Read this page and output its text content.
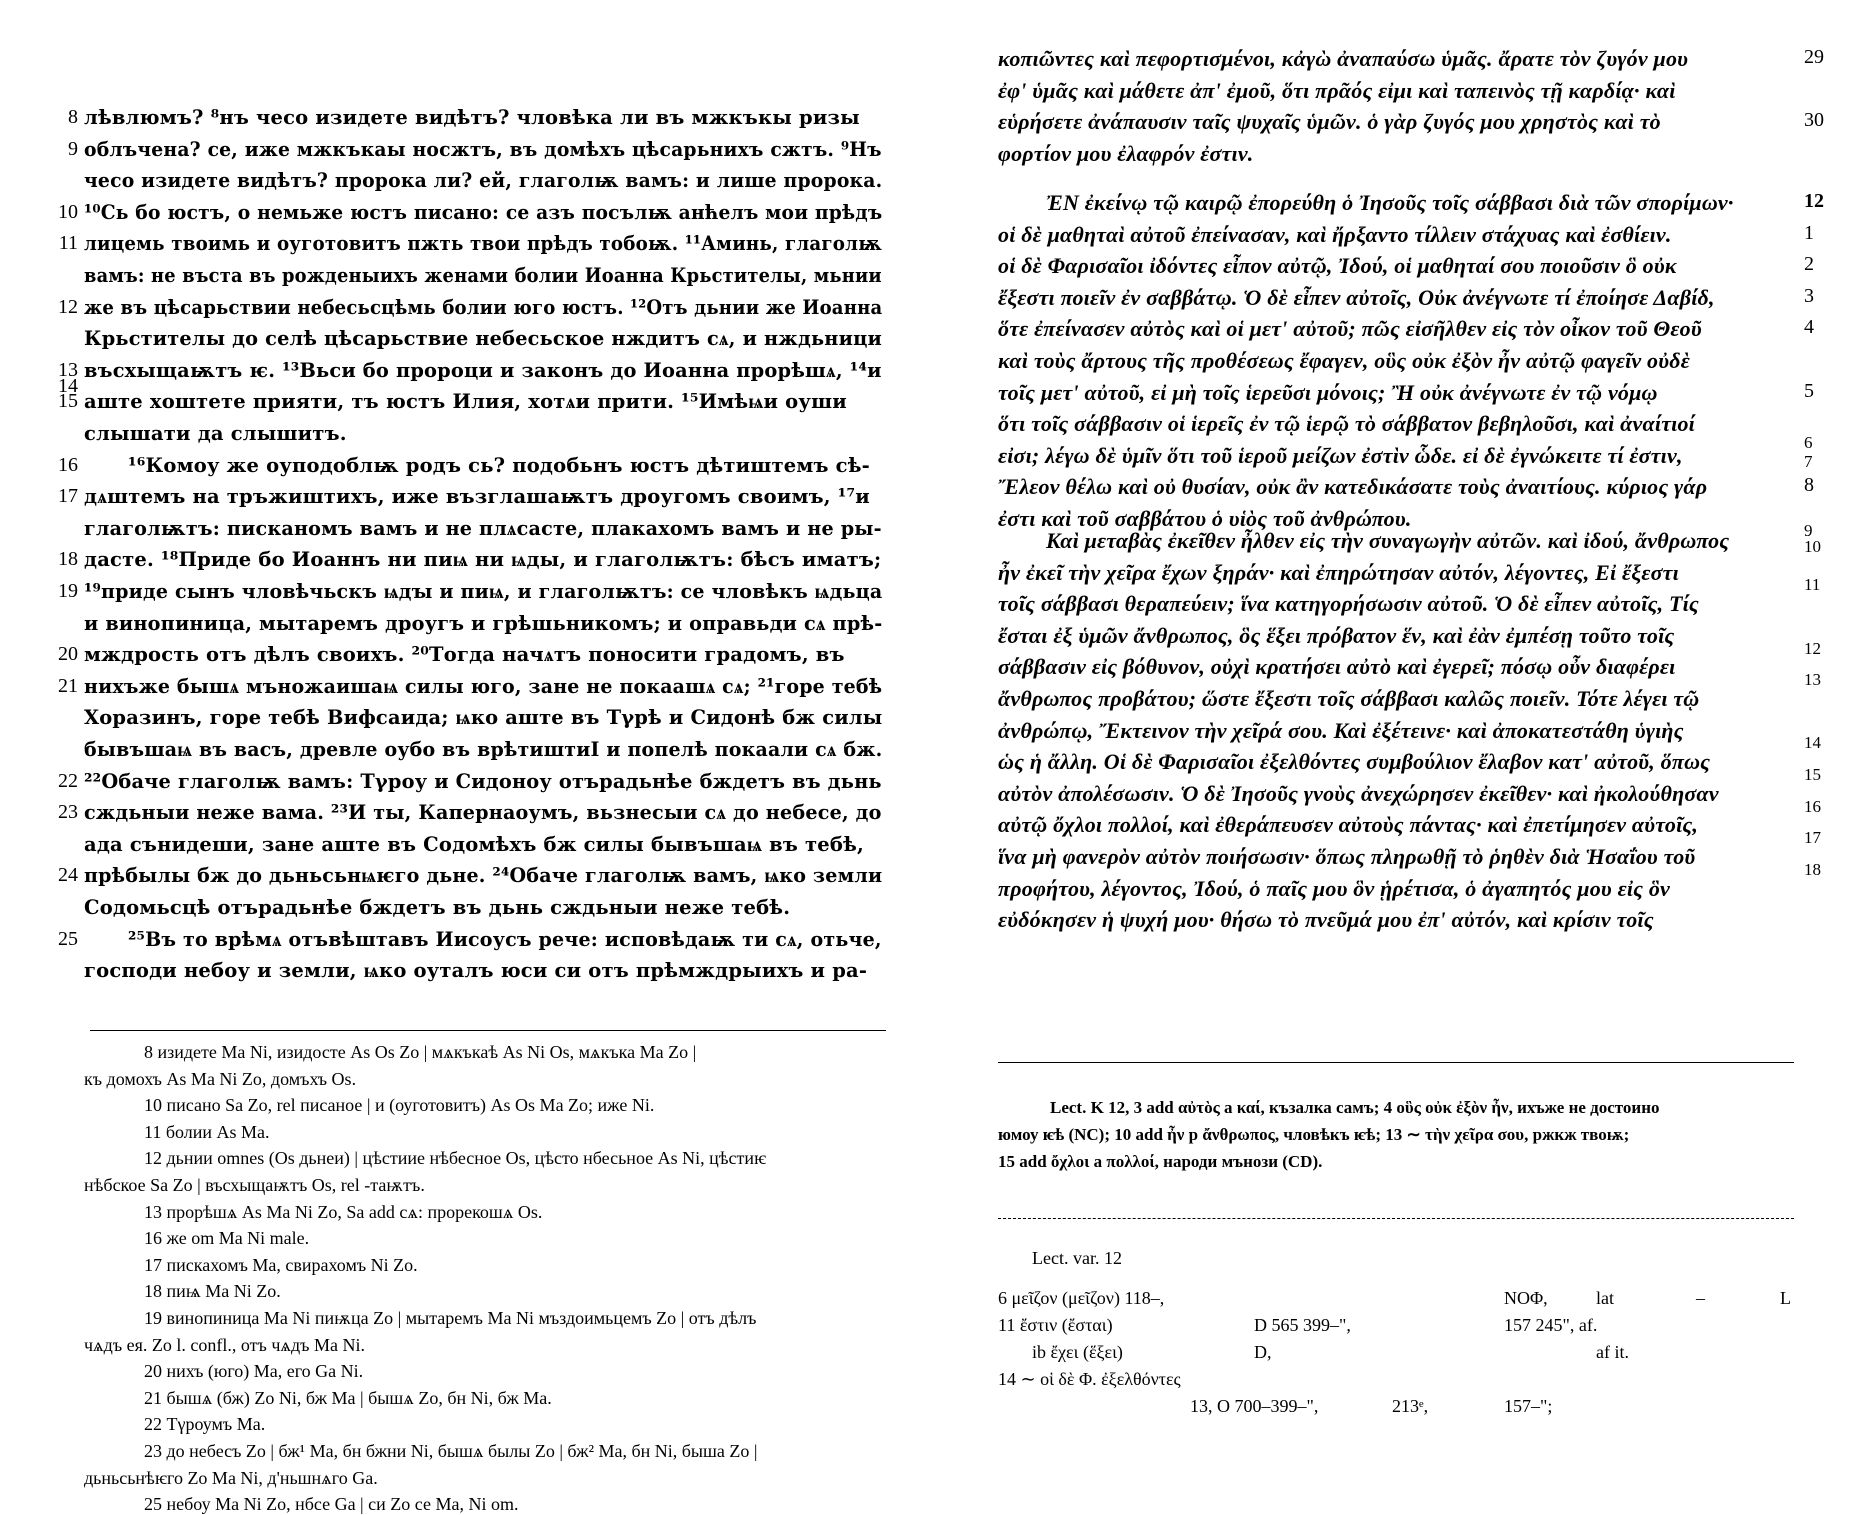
лѣвлюмъ? ⁸нъ чесо изидете видѣтъ? чловѣка ли въ мжкъкы ризы
облъчена? се, иже мжкъкаы носжтъ, въ домѣхъ цѣсарьнихъ сжтъ. ⁹Нъ
чесо изидете видѣтъ? пророка ли? ей, глаголѭ вамъ: и лише пророка.
¹⁰Сь бо юстъ, о немьже юстъ писано: се азъ посълѭ анћелъ мои прѣдъ
лицемь твоимь и оуготовитъ пжть твои прѣдъ тобоѭ. ¹¹Аминь, глаголѭ
вамъ: не въста въ рожденыихъ женами болии Иоанна Крьстителы, мьнии
же въ цѣсарьствии небесьсцѣмь болии юго юстъ. ¹²Отъ дьнии же Иоанна
Крьстителы до селѣ цѣсарьствие небесьское нждитъ сѧ, и нждьници
въсхыщаѭтъ ѥ. ¹³Вьси бо пророци и законъ до Иоанна прорѣшѧ, ¹⁴и
аште хоштете прияти, тъ юстъ Илия, хотѧи прити. ¹⁵Имѣѩи оуши
слышати да слышитъ.
¹⁶Комоу же оуподоблѭ родъ сь? подобьнъ юстъ дѣтиштемъ сѣ-
дѧштемъ на тръжиштихъ, иже възглашаѭтъ дроугомъ своимъ, ¹⁷и
глаголѭтъ: писканомъ вамъ и не плѧсасте, плакахомъ вамъ и не ры-
дасте. ¹⁸Приде бо Иоаннъ ни пиѩ ни ѩды, и глаголѭтъ: бѣсъ иматъ;
¹⁹приде сынъ чловѣчьскъ ѩдꙑ и пиѩ, и глаголѭтъ: се чловѣкъ ѩдьца
и винопиница, мытаремъ дроугъ и грѣшьникомъ; и оправьди сѧ прѣ-
мждрость отъ дѣлъ своихъ. ²⁰Тогда начѧтъ поносити градомъ, въ
нихъже бышѧ мъножаишаѩ силы юго, зане не покаашѧ сѧ; ²¹горе тебѣ
Хоразинъ, горе тебѣ Вифсаида; ѩко аште въ Тγрѣ и Сидонѣ бж силы
бывъшаѩ въ васъ, древле оубо въ врѣтиштиI и попелѣ покаали сѧ бж.
²²Обаче глаголѭ вамъ: Тγроу и Сидоноу отърадьнѣе бждетъ въ дьнь
сждьныи неже вама. ²³И ты, Капернаоумъ, вьзнесыи сѧ до небесе, до
ада сънидеши, зане аште въ Содомѣхъ бж силы бывъшаѩ въ тебѣ,
прѣбылы бж до дьньсьнѩѥго дьне. ²⁴Обаче глаголѭ вамъ, ѩко земли
Содомьсцѣ отърадьнѣе бждетъ въ дьнь сждьныи неже тебѣ.
²⁵Въ то врѣмѧ отъвѣштавъ Иисоусъ рече: исповѣдаѭ ти сѧ, отьче,
господи небоу и земли, ѩко оуталъ юси си отъ прѣмждрыихъ и ра-
8
9
10
11
12
13
14
15
16
17
18
19
20
21
22
23
24
25
8 изидете Ma Ni, изидосте As Os Zo | мѧкъкаѣ As Ni Os, мѧкъка Ma Zo |
къ домохъ As Ma Ni Zo, домъхъ Os.
10 писано Sa Zo, rel писаное | и (оуготовитъ) As Os Ma Zo; иже Ni.
11 болии As Ma.
12 дьнии omnes (Os дьнеи) | цѣстиие нѣбесное Os, цѣсто нбесьное As Ni, цѣстиѥ
нѣбское Sa Zo | въсхыщаѭтъ Os, rel -таѭтъ.
13 прорѣшѧ As Ma Ni Zo, Sa add сѧ: прорекошѧ Os.
16 же om Ma Ni male.
17 пискахомъ Ma, свирахомъ Ni Zo.
18 пиѩ Ma Ni Zo.
19 винопиница Ma Ni пиѭца Zo | мытаремъ Ma Ni мъздоимьцемъ Zo | отъ дѣлъ
чѧдъ ея. Zo l. confl., отъ чѧдъ Ma Ni.
20 нихъ (юго) Ma, его Ga Ni.
21 бышѧ (бж) Zo Ni, бж Ma | бышѧ Zo, бн Ni, бж Ma.
22 Тγроумъ Ma.
23 до небесъ Zo | бж¹ Ma, бн бжни Ni, бышѧ былы Zo | бж² Ma, бн Ni, быша Zo |
дьньсьнѣѥго Zo Ma Ni, д'ньшнѧго Ga.
25 небоу Ma Ni Zo, нбсе Ga | си Zo се Ma, Ni om.
κοπιῶντες καὶ πεφορτισμένοι, κἀγὼ ἀναπαύσω ὑμᾶς. ἄρατε τὸν ζυγόν μου
ἐφ' ὑμᾶς καὶ μάθετε ἀπ' ἐμοῦ, ὅτι πρᾶός εἰμι καὶ ταπεινὸς τῇ καρδίᾳ· καὶ
εὑρήσετε ἀνάπαυσιν ταῖς ψυχαῖς ὑμῶν. ὁ γὰρ ζυγός μου χρηστὸς καὶ τὸ
φορτίον μου ἐλαφρόν ἐστιν.
ἘΝ ἐκείνῳ τῷ καιρῷ ἐπορεύθη ὁ Ἰησοῦς τοῖς σάββασι διὰ τῶν σπορίμων·
οἱ δὲ μαθηταὶ αὐτοῦ ἐπείνασαν, καὶ ἤρξαντο τίλλειν στάχυας καὶ ἐσθίειν.
οἱ δὲ Φαρισαῖοι ἰδόντες εἶπον αὐτῷ, Ἰδού, οἱ μαθηταί σου ποιοῦσιν ὃ οὐκ
ἔξεστι ποιεῖν ἐν σαββάτῳ. Ὁ δὲ εἶπεν αὐτοῖς, Οὐκ ἀνέγνωτε τί ἐποίησε Δαβίδ,
ὅτε ἐπείνασεν αὐτὸς καὶ οἱ μετ' αὐτοῦ; πῶς εἰσῆλθεν εἰς τὸν οἶκον τοῦ Θεοῦ
καὶ τοὺς ἄρτους τῆς προθέσεως ἔφαγεν, οὓς οὐκ ἐξὸν ἦν αὐτῷ φαγεῖν οὐδὲ
τοῖς μετ' αὐτοῦ, εἰ μὴ τοῖς ἱερεῦσι μόνοις; Ἢ οὐκ ἀνέγνωτε ἐν τῷ νόμῳ
ὅτι τοῖς σάββασιν οἱ ἱερεῖς ἐν τῷ ἱερῷ τὸ σάββατον βεβηλοῦσι, καὶ ἀναίτιοί
εἰσι; λέγω δὲ ὑμῖν ὅτι τοῦ ἱεροῦ μείζων ἐστὶν ὧδε. εἰ δὲ ἐγνώκειτε τί ἐστιν,
Ἔλεον θέλω καὶ οὐ θυσίαν, οὐκ ἂν κατεδικάσατε τοὺς ἀναιτίους. κύριος γάρ
ἐστι καὶ τοῦ σαββάτου ὁ υἱὸς τοῦ ἀνθρώπου.
Καὶ μεταβὰς ἐκεῖθεν ἦλθεν εἰς τὴν συναγωγὴν αὐτῶν. καὶ ἰδού, ἄνθρωπος
ἦν ἐκεῖ τὴν χεῖρα ἔχων ξηράν· καὶ ἐπηρώτησαν αὐτόν, λέγοντες, Εἰ ἔξεστι
τοῖς σάββασι θεραπεύειν; ἵνα κατηγορήσωσιν αὐτοῦ. Ὁ δὲ εἶπεν αὐτοῖς, Τίς
ἔσται ἐξ ὑμῶν ἄνθρωπος, ὃς ἕξει πρόβατον ἕν, καὶ ἐὰν ἐμπέσῃ τοῦτο τοῖς
σάββασιν εἰς βόθυνον, οὐχὶ κρατήσει αὐτὸ καὶ ἐγερεῖ; πόσῳ οὖν διαφέρει
ἄνθρωπος προβάτου; ὥστε ἔξεστι τοῖς σάββασι καλῶς ποιεῖν. Τότε λέγει τῷ
ἀνθρώπῳ, Ἔκτεινον τὴν χεῖρά σου. Καὶ ἐξέτεινε· καὶ ἀποκατεστάθη ὑγιὴς
ὡς ἡ ἄλλη. Οἱ δὲ Φαρισαῖοι ἐξελθόντες συμβούλιον ἔλαβον κατ' αὐτοῦ, ὅπως
αὐτὸν ἀπολέσωσιν. Ὁ δὲ Ἰησοῦς γνοὺς ἀνεχώρησεν ἐκεῖθεν· καὶ ἠκολούθησαν
αὐτῷ ὄχλοι πολλοί, καὶ ἐθεράπευσεν αὐτοὺς πάντας· καὶ ἐπετίμησεν αὐτοῖς,
ἵνα μὴ φανερὸν αὐτὸν ποιήσωσιν· ὅπως πληρωθῇ τὸ ῥηθὲν διὰ Ἡσαΐου τοῦ
προφήτου, λέγοντος, Ἰδού, ὁ παῖς μου ὃν ᾑρέτισα, ὁ ἀγαπητός μου εἰς ὃν
εὐδόκησεν ἡ ψυχή μου· θήσω τὸ πνεῦμά μου ἐπ' αὐτόν, καὶ κρίσιν τοῖς
29
30
12
1
2
3
4
5
6
7
8
9
10
11
12
13
14
15
16
17
18
Lect. K 12, 3 add αὐτὸς a καί, къзалка самъ; 4 οὓς οὐκ ἐξὸν ἦν, ихъже не достоино
юмоу ѥѣ (NC); 10 add ἦν p ἄνθρωπος, чловѣкъ ѥѣ; 13 ∼ τὴν χεῖρα σου, ржкж твоѭ;
15 add ὄχλοι a πολλοί, народи мънози (CD).
Lect. var. 12
6 μεῖζον (μεῖζον) 118–,	ΝΟΦ,	lat	–	L
11 ἔστιν (ἔσται)	D 565 399–",	157 245", af.
ib ἔχει (ἕξει)	D,	af it.
14 ∼ οἱ δὲ Φ. ἐξελθόντες
13, Ο 700–399–",	213ᵉ,	157–";
